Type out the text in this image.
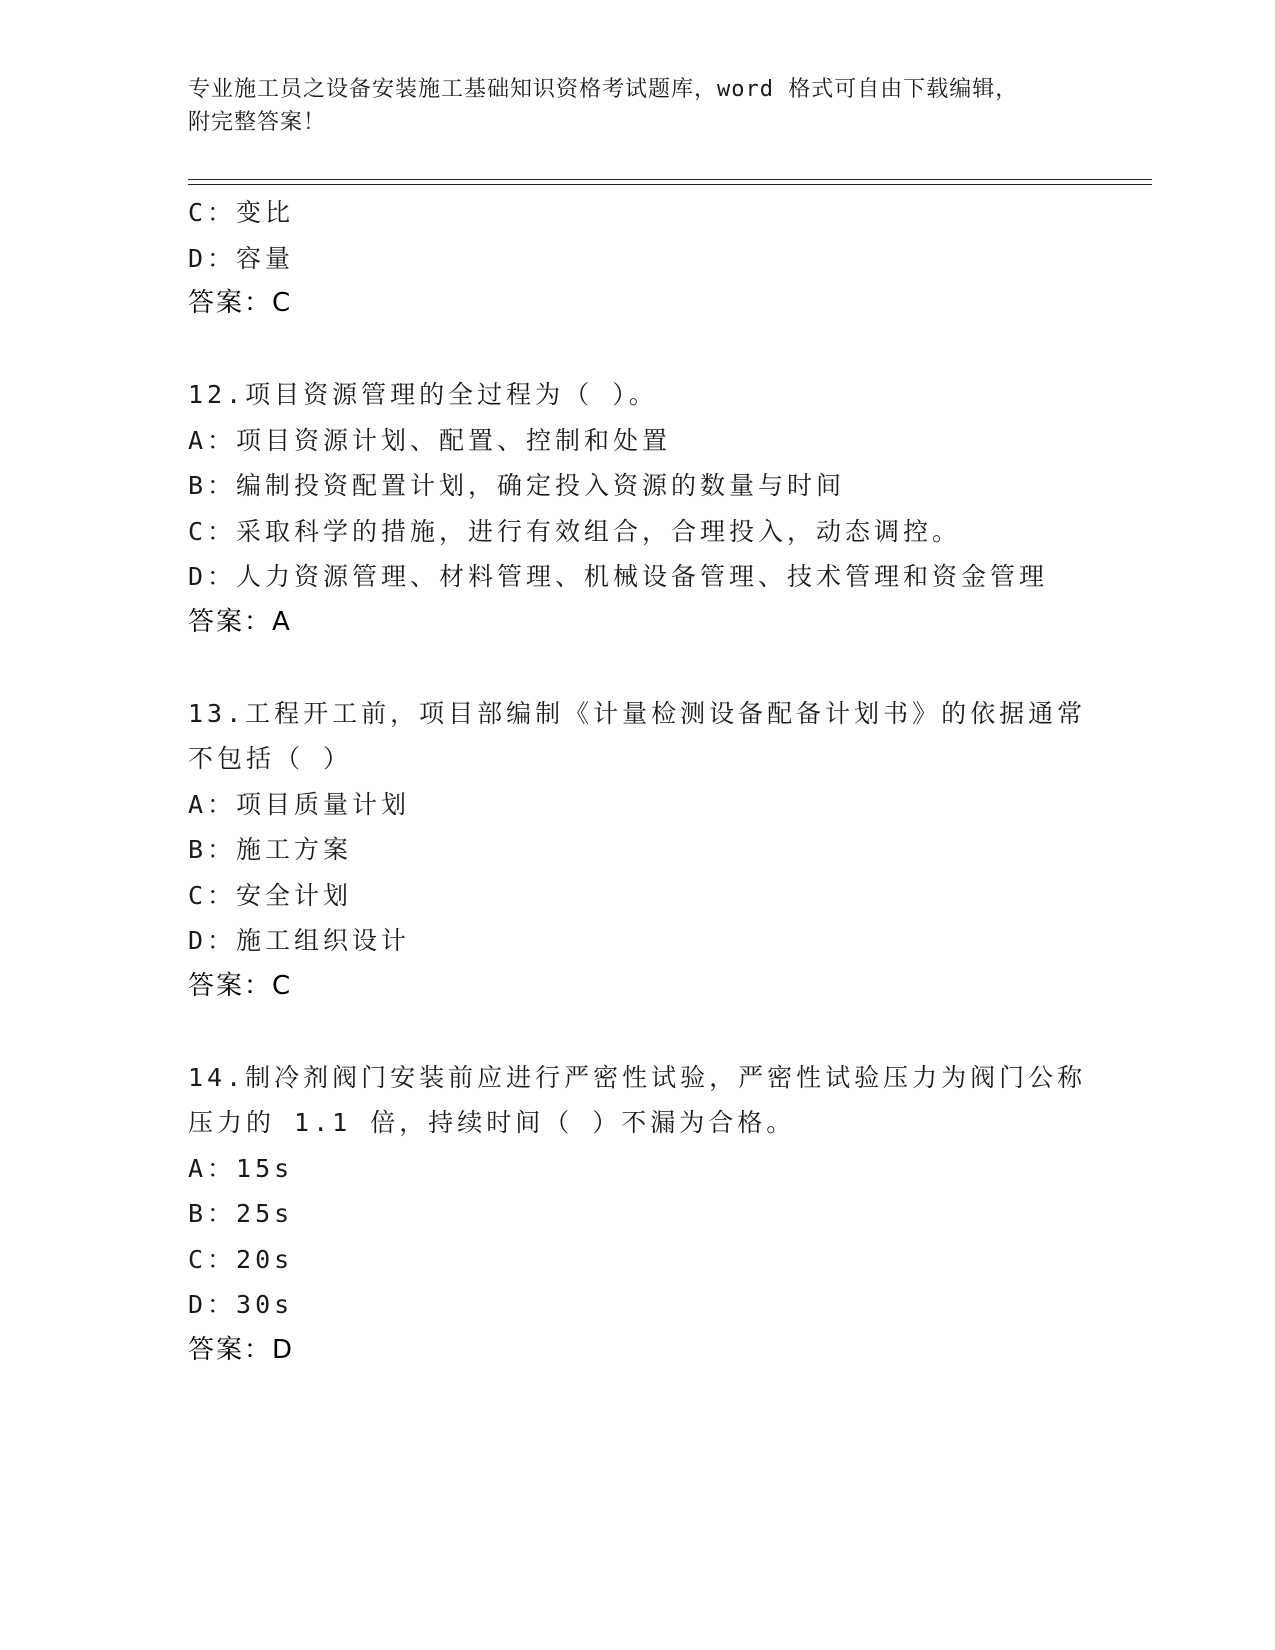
专业施工员之设备安装施工基础知识资格考试题库，word 格式可自由下载编辑，
附完整答案！
C：变比
D：容量
答案：C
12.项目资源管理的全过程为（ ）。
A：项目资源计划、配置、控制和处置
B：编制投资配置计划，确定投入资源的数量与时间
C：采取科学的措施，进行有效组合，合理投入，动态调控。
D：人力资源管理、材料管理、机械设备管理、技术管理和资金管理
答案：A
13.工程开工前，项目部编制《计量检测设备配备计划书》的依据通常
不包括（ ）
A：项目质量计划
B：施工方案
C：安全计划
D：施工组织设计
答案：C
14.制冷剂阀门安装前应进行严密性试验，严密性试验压力为阀门公称
压力的 1.1 倍，持续时间（ ）不漏为合格。
A：15s
B：25s
C：20s
D：30s
答案：D
